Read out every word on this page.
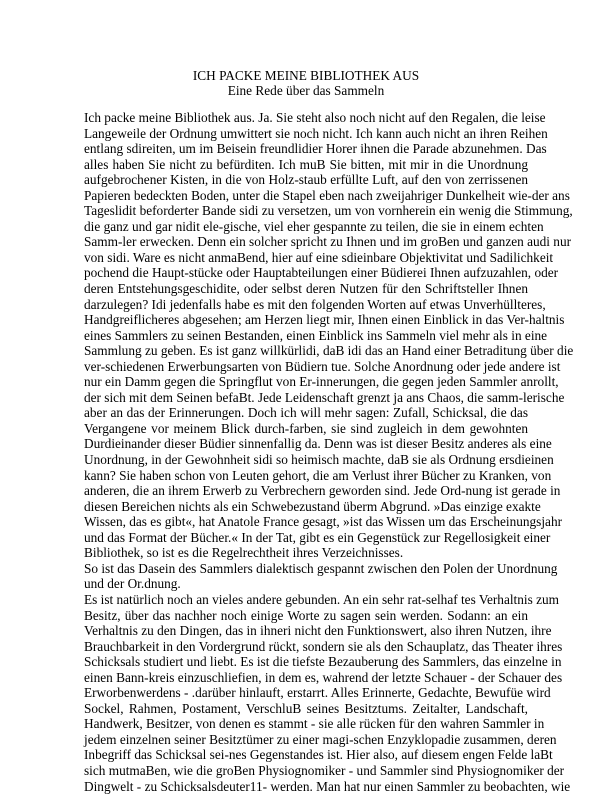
ICH PACKE MEINE BIBLIOTHEK AUS
Eine Rede über das Sammeln
Ich packe meine Bibliothek aus. Ja. Sie steht also noch nicht auf den Regalen, die leise
Langeweile der Ordnung umwittert sie noch nicht. Ich kann auch nicht an ihren Reihen
entlang sdireiten, um im Beisein freundlidier Horer ihnen die Parade abzunehmen. Das
alles haben Sie nicht zu befürditen. Ich muB Sie bitten, mit mir in die Unordnung
aufgebrochener Kisten, in die von Holz-staub erfüllte Luft, auf den von zerrissenen
Papieren bedeckten Boden, unter die Stapel eben nach zweijahriger Dunkelheit wie-der ans
Tageslidit beforderter Bande sidi zu versetzen, um von vornherein ein wenig die Stimmung,
die ganz und gar nidit ele-gische, viel eher gespannte zu teilen, die sie in einem echten
Samm-ler erwecken. Denn ein solcher spricht zu Ihnen und im groBen und ganzen audi nur
von sidi. Ware es nicht anmaBend, hier auf eine sdieinbare Objektivitat und Sadilichkeit
pochend die Haupt-stücke oder Hauptabteilungen einer Büdierei Ihnen aufzuzahlen, oder
deren Entstehungsgeschidite, oder selbst deren Nutzen für den Schriftsteller Ihnen
darzulegen? Idi jedenfalls habe es mit den folgenden Worten auf etwas Unverhüllteres,
Handgreiflicheres abgesehen; am Herzen liegt mir, Ihnen einen Einblick in das Ver-haltnis
eines Sammlers zu seinen Bestanden, einen Einblick ins Sammeln viel mehr als in eine
Sammlung zu geben. Es ist ganz willkürlidi, daB idi das an Hand einer Betraditung über die
ver-schiedenen Erwerbungsarten von Büdiern tue. Solche Anordnung oder jede andere ist
nur ein Damm gegen die Springflut von Er-innerungen, die gegen jeden Sammler anrollt,
der sich mit dem Seinen befaBt. Jede Leidenschaft grenzt ja ans Chaos, die samm-lerische
aber an das der Erinnerungen. Doch ich will mehr sagen: Zufall, Schicksal, die das
Vergangene vor meinem Blick durch-farben, sie sind zugleich in dem gewohnten
Durdieinander dieser Büdier sinnenfallig da. Denn was ist dieser Besitz anderes als eine
Unordnung, in der Gewohnheit sidi so heimisch machte, daB sie als Ordnung ersdieinen
kann? Sie haben schon von Leuten gehort, die am Verlust ihrer Bücher zu Kranken, von
anderen, die an ihrem Erwerb zu Verbrechern geworden sind. Jede Ord-nung ist gerade in
diesen Bereichen nichts als ein Schwebezustand überm Abgrund. »Das einzige exakte
Wissen, das es gibt«, hat Anatole France gesagt, »ist das Wissen um das Erscheinungsjahr
und das Format der Bücher.« In der Tat, gibt es ein Gegenstück zur Regellosigkeit einer
Bibliothek, so ist es die Regelrechtheit ihres Verzeichnisses.
So ist das Dasein des Sammlers dialektisch gespannt zwischen den Polen der Unordnung
und der Or.dnung.
Es ist natürlich noch an vieles andere gebunden. An ein sehr rat-selhaf tes Verhaltnis zum
Besitz, über das nachher noch einige Worte zu sagen sein werden. Sodann: an ein
Verhaltnis zu den Dingen, das in ihneri nicht den Funktionswert, also ihren Nutzen, ihre
Brauchbarkeit in den Vordergrund rückt, sondern sie als den Schauplatz, das Theater ihres
Schicksals studiert und liebt. Es ist die tiefste Bezauberung des Sammlers, das einzelne in
einen Bann-kreis einzuschliefien, in dem es, wahrend der letzte Schauer - der Schauer des
Erworbenwerdens - .darüber hinlauft, erstarrt. Alles Erinnerte, Gedachte, Bewufüe wird
Sockel, Rahmen, Postament, VerschluB seines Besitztums. Zeitalter, Landschaft,
Handwerk, Besitzer, von denen es stammt - sie alle rücken für den wahren Sammler in
jedem einzelnen seiner Besitztümer zu einer magi-schen Enzyklopadie zusammen, deren
Inbegriff das Schicksal sei-nes Gegenstandes ist. Hier also, auf diesem engen Felde laBt
sich mutmaBen, wie die groBen Physiognomiker - und Sammler sind Physiognomiker der
Dingwelt - zu Schicksalsdeuter11- werden. Man hat nur einen Sammler zu beobachten, wie
